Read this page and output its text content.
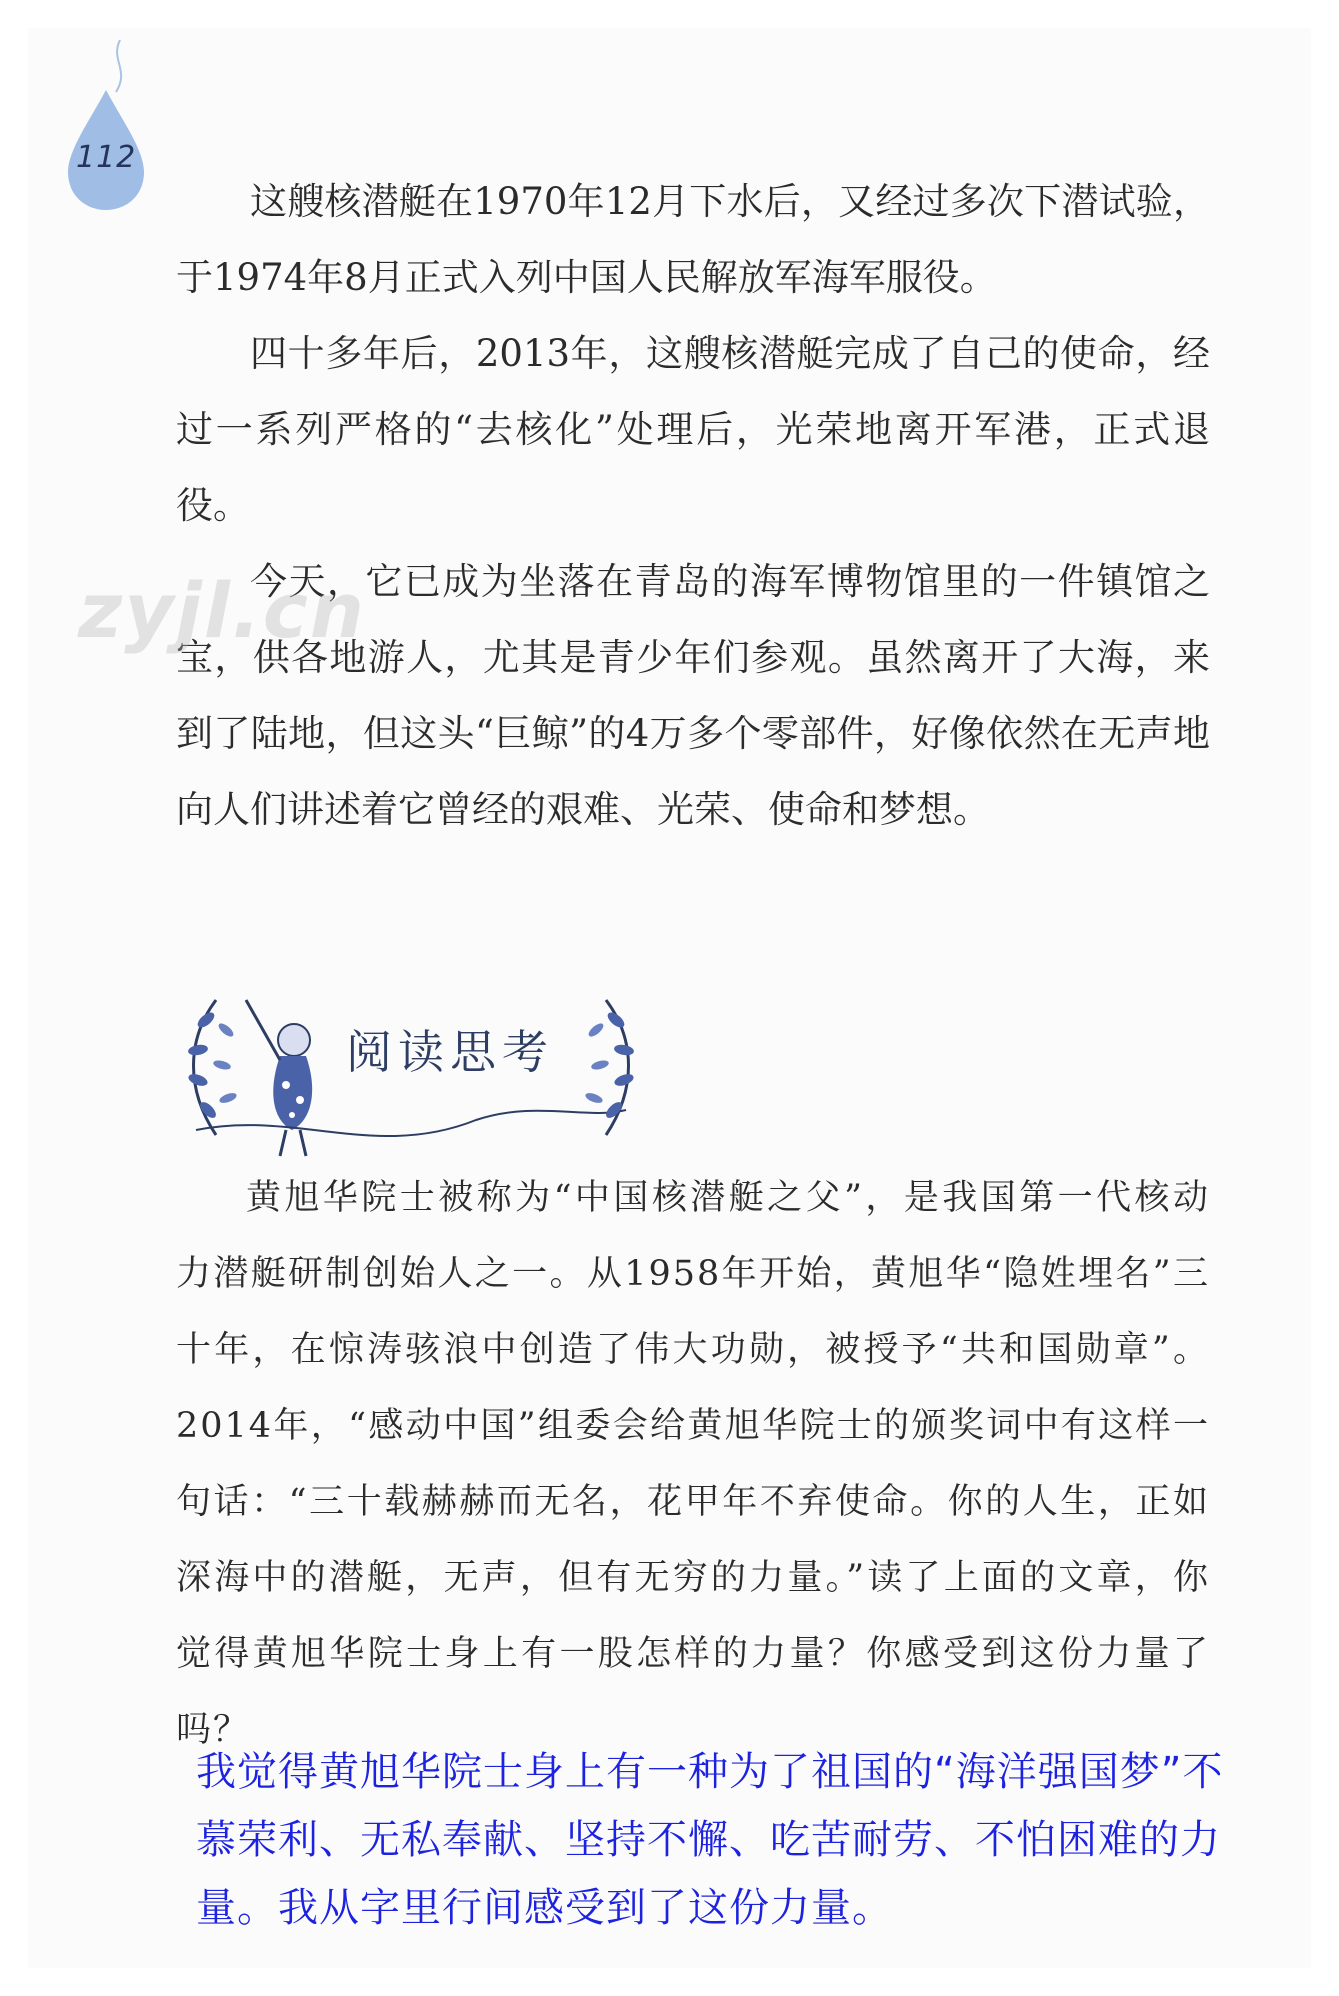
112

这艘核潜艇在1970年12月下水后，又经过多次下潜试验，于1974年8月正式入列中国人民解放军海军服役。

四十多年后，2013年，这艘核潜艇完成了自己的使命，经过一系列严格的“去核化”处理后，光荣地离开军港，正式退役。

今天，它已成为坐落在青岛的海军博物馆里的一件镇馆之宝，供各地游人，尤其是青少年们参观。虽然离开了大海，来到了陆地，但这头“巨鲸”的4万多个零部件，好像依然在无声地向人们讲述着它曾经的艰难、光荣、使命和梦想。

zyjl.cn
阅读思考

黄旭华院士被称为“中国核潜艇之父”，是我国第一代核动力潜艇研制创始人之一。从1958年开始，黄旭华“隐姓埋名”三十年，在惊涛骇浪中创造了伟大功勋，被授予“共和国勋章”。2014年，“感动中国”组委会给黄旭华院士的颁奖词中有这样一句话：“三十载赫赫而无名，花甲年不弃使命。你的人生，正如深海中的潜艇，无声，但有无穷的力量。”读了上面的文章，你觉得黄旭华院士身上有一股怎样的力量？你感受到这份力量了吗？

我觉得黄旭华院士身上有一种为了祖国的“海洋强国梦”不慕荣利、无私奉献、坚持不懈、吃苦耐劳、不怕困难的力量。我从字里行间感受到了这份力量。
